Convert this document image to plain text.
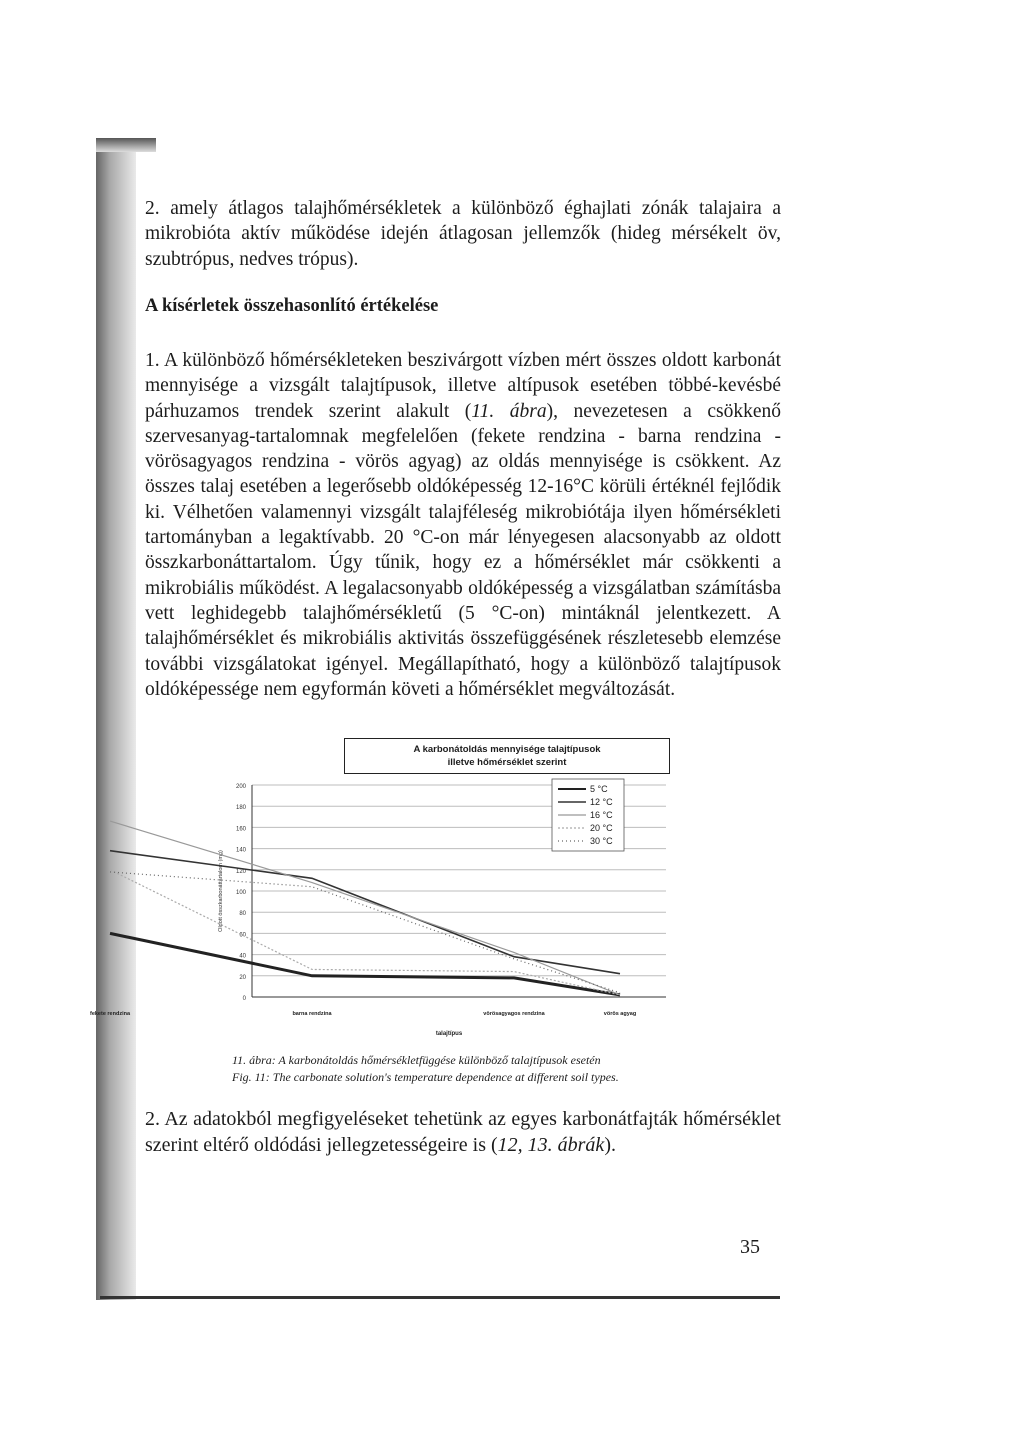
2. amely átlagos talajhőmérsékletek a különböző éghajlati zónák talajaira a mikrobióta aktív működése idején átlagosan jellemzők (hideg mérsékelt öv, szubtrópus, nedves trópus).

A kísérletek összehasonlító értékelése

1. A különböző hőmérsékleteken beszivárgott vízben mért összes oldott karbonát mennyisége a vizsgált talajtípusok, illetve altípusok esetében többé-kevésbé párhuzamos trendek szerint alakult (11. ábra), nevezetesen a csökkenő szervesanyag-tartalomnak megfelelően (fekete rendzina - barna rendzina - vörösagyagos rendzina - vörös agyag) az oldás mennyisége is csökkent. Az összes talaj esetében a legerősebb oldóképesség 12-16°C körüli értéknél fejlődik ki. Vélhetően valamennyi vizsgált talajféleség mikrobiótája ilyen hőmérsékleti tartományban a legaktívabb. 20 °C-on már lényegesen alacsonyabb az oldott összkarbonáttartalom. Úgy tűnik, hogy ez a hőmérséklet már csökkenti a mikrobiális működést. A legalacsonyabb oldóképesség a vizsgálatban számításba vett leghidegebb talajhőmérsékletű (5 °C-on) mintáknál jelentkezett. A talajhőmérséklet és mikrobiális aktivitás összefüggésének részletesebb elemzése további vizsgálatokat igényel. Megállapítható, hogy a különböző talajtípusok oldóképessége nem egyformán követi a hőmérséklet megváltozását.

A karbonátoldás mennyisége talajtípusok
illetve hőmérséklet szerint
0
20
40
60
80
100
120
140
160
180
200
Oldott összkarbonáttartalom (mg)
fekete rendzina	barna rendzina	vörösagyagos rendzina	vörös agyag
talajtípus
5 °C
12 °C
16 °C
20 °C
30 °C
11. ábra: A karbonátoldás hőmérsékletfüggése különböző talajtípusok esetén
Fig. 11: The carbonate solution's temperature dependence at different soil types.

2. Az adatokból megfigyeléseket tehetünk az egyes karbonátfajták hőmérséklet szerint eltérő oldódási jellegzetességeire is (12, 13. ábrák).

35
